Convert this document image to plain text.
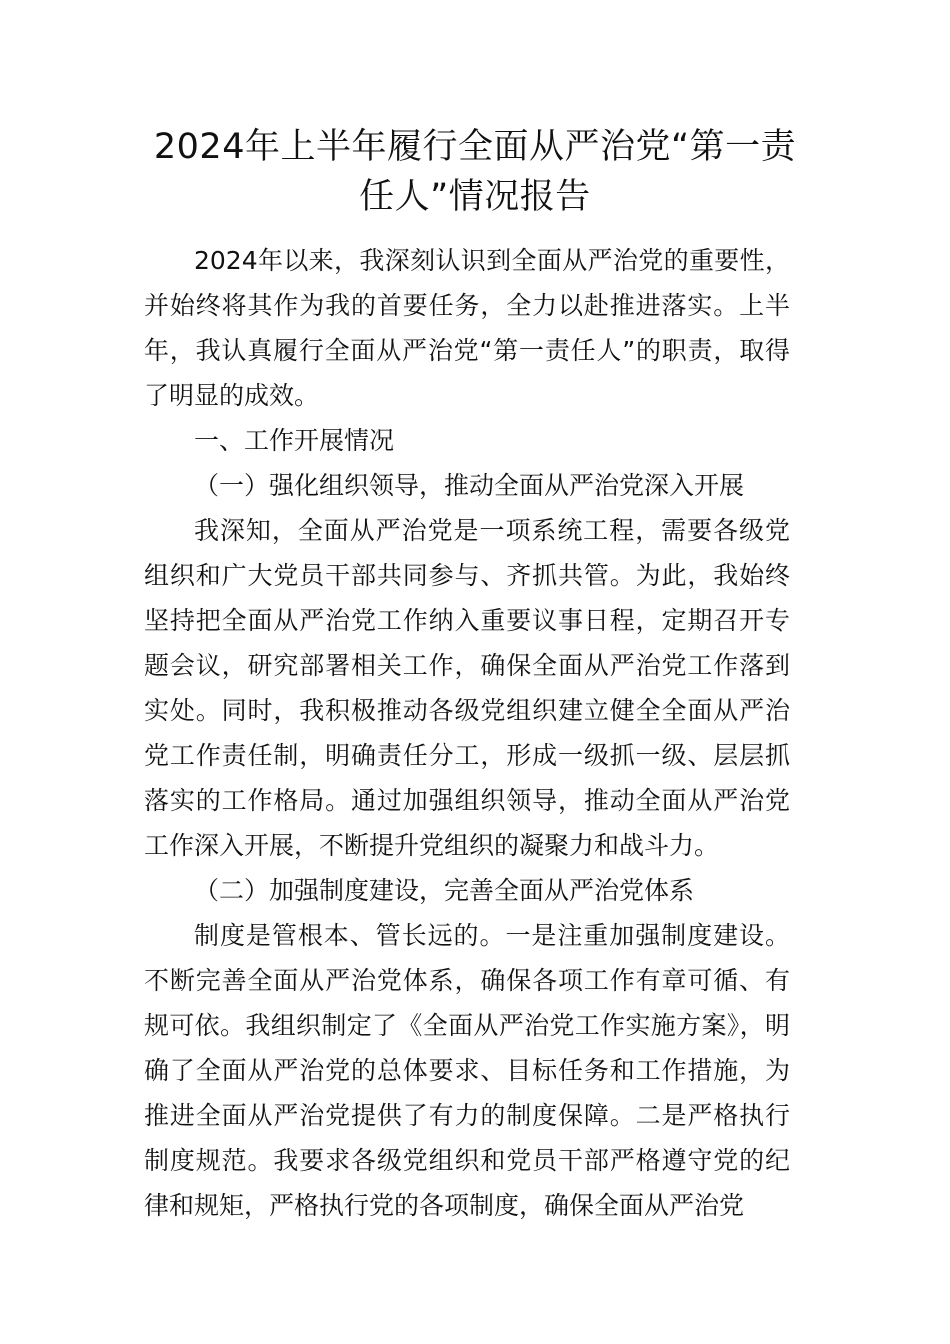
2024年上半年履行全面从严治党“第一责任人”情况报告

2024年以来，我深刻认识到全面从严治党的重要性，并始终将其作为我的首要任务，全力以赴推进落实。上半年，我认真履行全面从严治党“第一责任人”的职责，取得了明显的成效。

一、工作开展情况

（一）强化组织领导，推动全面从严治党深入开展

我深知，全面从严治党是一项系统工程，需要各级党组织和广大党员干部共同参与、齐抓共管。为此，我始终坚持把全面从严治党工作纳入重要议事日程，定期召开专题会议，研究部署相关工作，确保全面从严治党工作落到实处。同时，我积极推动各级党组织建立健全全面从严治党工作责任制，明确责任分工，形成一级抓一级、层层抓落实的工作格局。通过加强组织领导，推动全面从严治党工作深入开展，不断提升党组织的凝聚力和战斗力。

（二）加强制度建设，完善全面从严治党体系

制度是管根本、管长远的。一是注重加强制度建设。不断完善全面从严治党体系，确保各项工作有章可循、有规可依。我组织制定了《全面从严治党工作实施方案》，明确了全面从严治党的总体要求、目标任务和工作措施，为推进全面从严治党提供了有力的制度保障。二是严格执行制度规范。我要求各级党组织和党员干部严格遵守党的纪律和规矩，严格执行党的各项制度，确保全面从严治党
